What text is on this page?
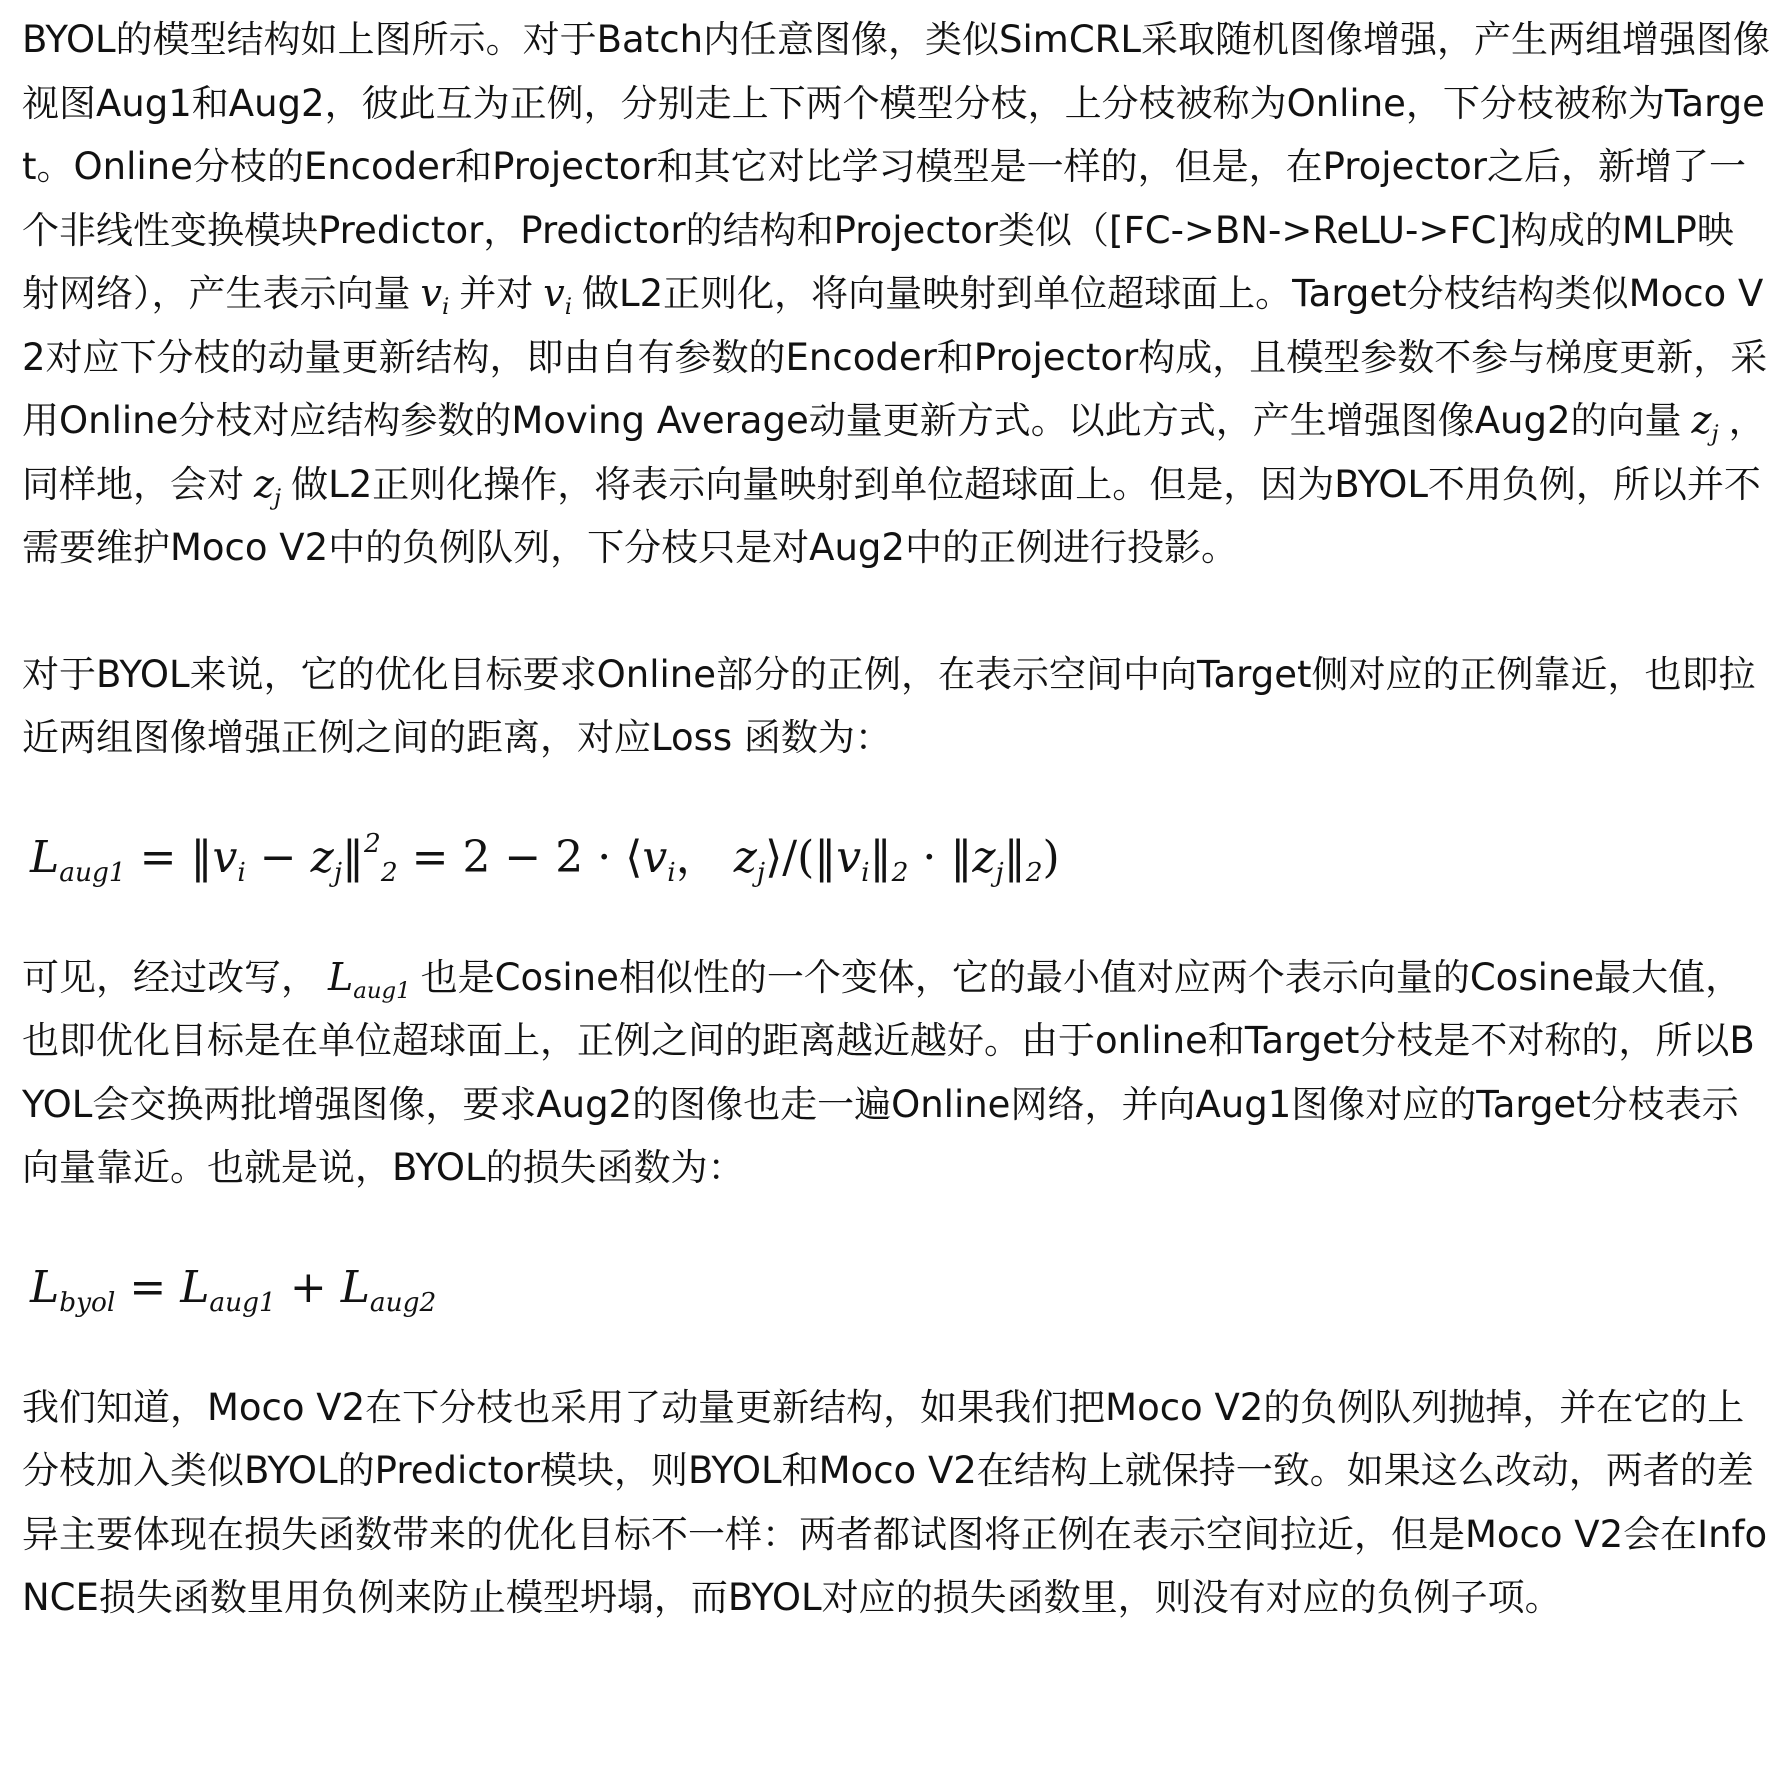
BYOL的模型结构如上图所示。对于Batch内任意图像，类似SimCRL采取随机图像增强，产生两组增强图像视图Aug1和Aug2，彼此互为正例，分别走上下两个模型分枝，上分枝被称为Online，下分枝被称为Target。Online分枝的Encoder和Projector和其它对比学习模型是一样的，但是，在Projector之后，新增了一个非线性变换模块Predictor，Predictor的结构和Projector类似（[FC->BN->ReLU->FC]构成的MLP映射网络），产生表示向量 $v_i$ 并对 $v_i$ 做L2正则化，将向量映射到单位超球面上。Target分枝结构类似Moco V2对应下分枝的动量更新结构，即由自有参数的Encoder和Projector构成，且模型参数不参与梯度更新，采用Online分枝对应结构参数的Moving Average动量更新方式。以此方式，产生增强图像Aug2的向量 $z_j$ ，同样地，会对 $z_j$ 做L2正则化操作，将表示向量映射到单位超球面上。但是，因为BYOL不用负例，所以并不需要维护Moco V2中的负例队列，下分枝只是对Aug2中的正例进行投影。

对于BYOL来说，它的优化目标要求Online部分的正例，在表示空间中向Target侧对应的正例靠近，也即拉近两组图像增强正例之间的距离，对应Loss 函数为：

$L_{aug1}$ = $‖v_i$ − $z_j‖^2_2 = 2 - 2$ · $⟨v_i$， $z_j⟩/(‖v_i‖_2$ · $‖z_j‖_2$)

可见，经过改写， $L_{aug1}$ 也是Cosine相似性的一个变体，它的最小值对应两个表示向量的Cosine最大值，也即优化目标是在单位超球面上，正例之间的距离越近越好。由于online和Target分枝是不对称的，所以BYOL会交换两批增强图像，要求Aug2的图像也走一遍Online网络，并向Aug1图像对应的Target分枝表示向量靠近。也就是说，BYOL的损失函数为：

$L_{byol} = L_{aug1} + L_{aug2}$

我们知道，Moco V2在下分枝也采用了动量更新结构，如果我们把Moco V2的负例队列抛掉，并在它的上分枝加入类似BYOL的Predictor模块，则BYOL和Moco V2在结构上就保持一致。如果这么改动，两者的差异主要体现在损失函数带来的优化目标不一样：两者都试图将正例在表示空间拉近，但是Moco V2会在InfoNCE损失函数里用负例来防止模型坍塌，而BYOL对应的损失函数里，则没有对应的负例子项。
